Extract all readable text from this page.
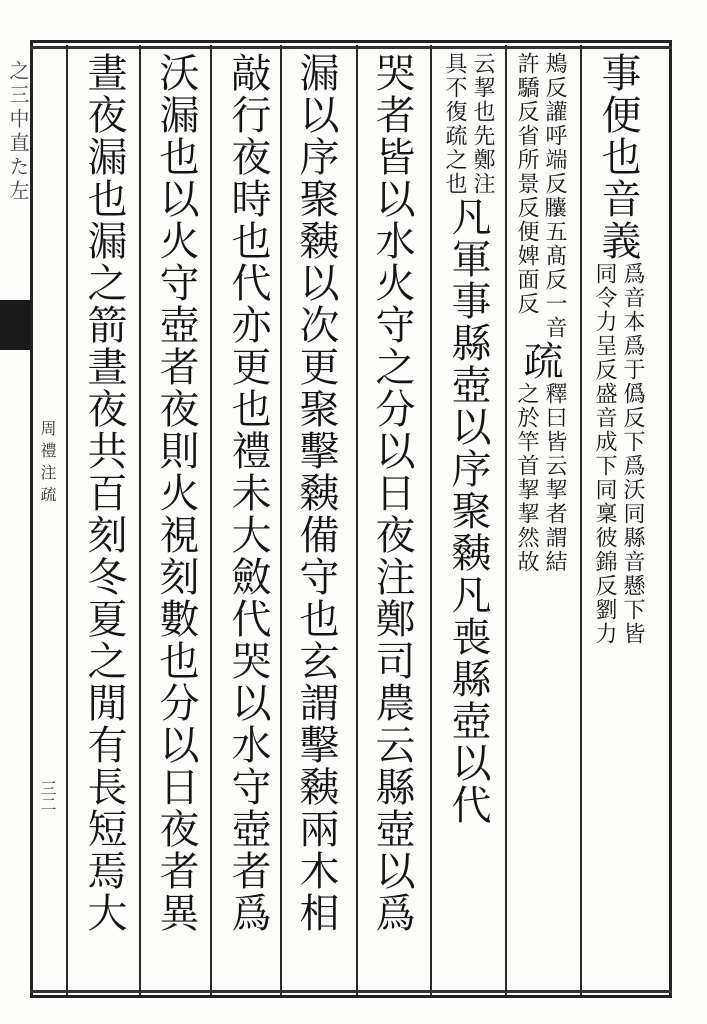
之三中直た左
周禮注疏
三二
事便也音義
爲音本爲于僞反下爲沃同縣音懸下皆
同令力呈反盛音成下同稟彼錦反劉力
鴂反讙呼端反𦣘五髙反一音
許驕反省所景反便婢面反
疏
釋曰皆云挈者謂結
之於竿首挈挈然故
云挈也先鄭注
具不復疏之也
凡軍事縣壺以序聚㯩凡喪縣壺以代
哭者皆以水火守之分以日夜注鄭司農云縣壺以爲
漏以序聚㯩以次更聚擊㯩備守也玄謂擊㯩兩木相
敲行夜時也代亦更也禮未大斂代哭以水守壺者爲
沃漏也以火守壺者夜則火視刻數也分以日夜者異
晝夜漏也漏之箭晝夜共百刻冬夏之閒有長短焉大
